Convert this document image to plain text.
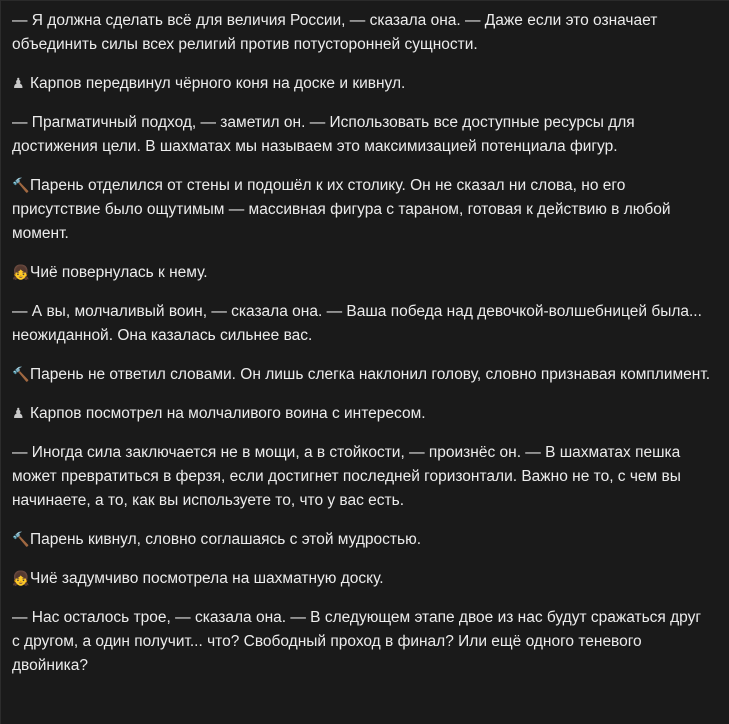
— Я должна сделать всё для величия России, — сказала она. — Даже если это означает объединить силы всех религий против потусторонней сущности.

♟ Карпов передвинул чёрного коня на доске и кивнул.

— Прагматичный подход, — заметил он. — Использовать все доступные ресурсы для достижения цели. В шахматах мы называем это максимизацией потенциала фигур.

🔨Парень отделился от стены и подошёл к их столику. Он не сказал ни слова, но его присутствие было ощутимым — массивная фигура с тараном, готовая к действию в любой момент.

👧Чиё повернулась к нему.

— А вы, молчаливый воин, — сказала она. — Ваша победа над девочкой-волшебницей была... неожиданной. Она казалась сильнее вас.

🔨Парень не ответил словами. Он лишь слегка наклонил голову, словно признавая комплимент.

♟ Карпов посмотрел на молчаливого воина с интересом.

— Иногда сила заключается не в мощи, а в стойкости, — произнёс он. — В шахматах пешка может превратиться в ферзя, если достигнет последней горизонтали. Важно не то, с чем вы начинаете, а то, как вы используете то, что у вас есть.

🔨Парень кивнул, словно соглашаясь с этой мудростью.

👧Чиё задумчиво посмотрела на шахматную доску.

— Нас осталось трое, — сказала она. — В следующем этапе двое из нас будут сражаться друг с другом, а один получит... что? Свободный проход в финал? Или ещё одного теневого двойника?
